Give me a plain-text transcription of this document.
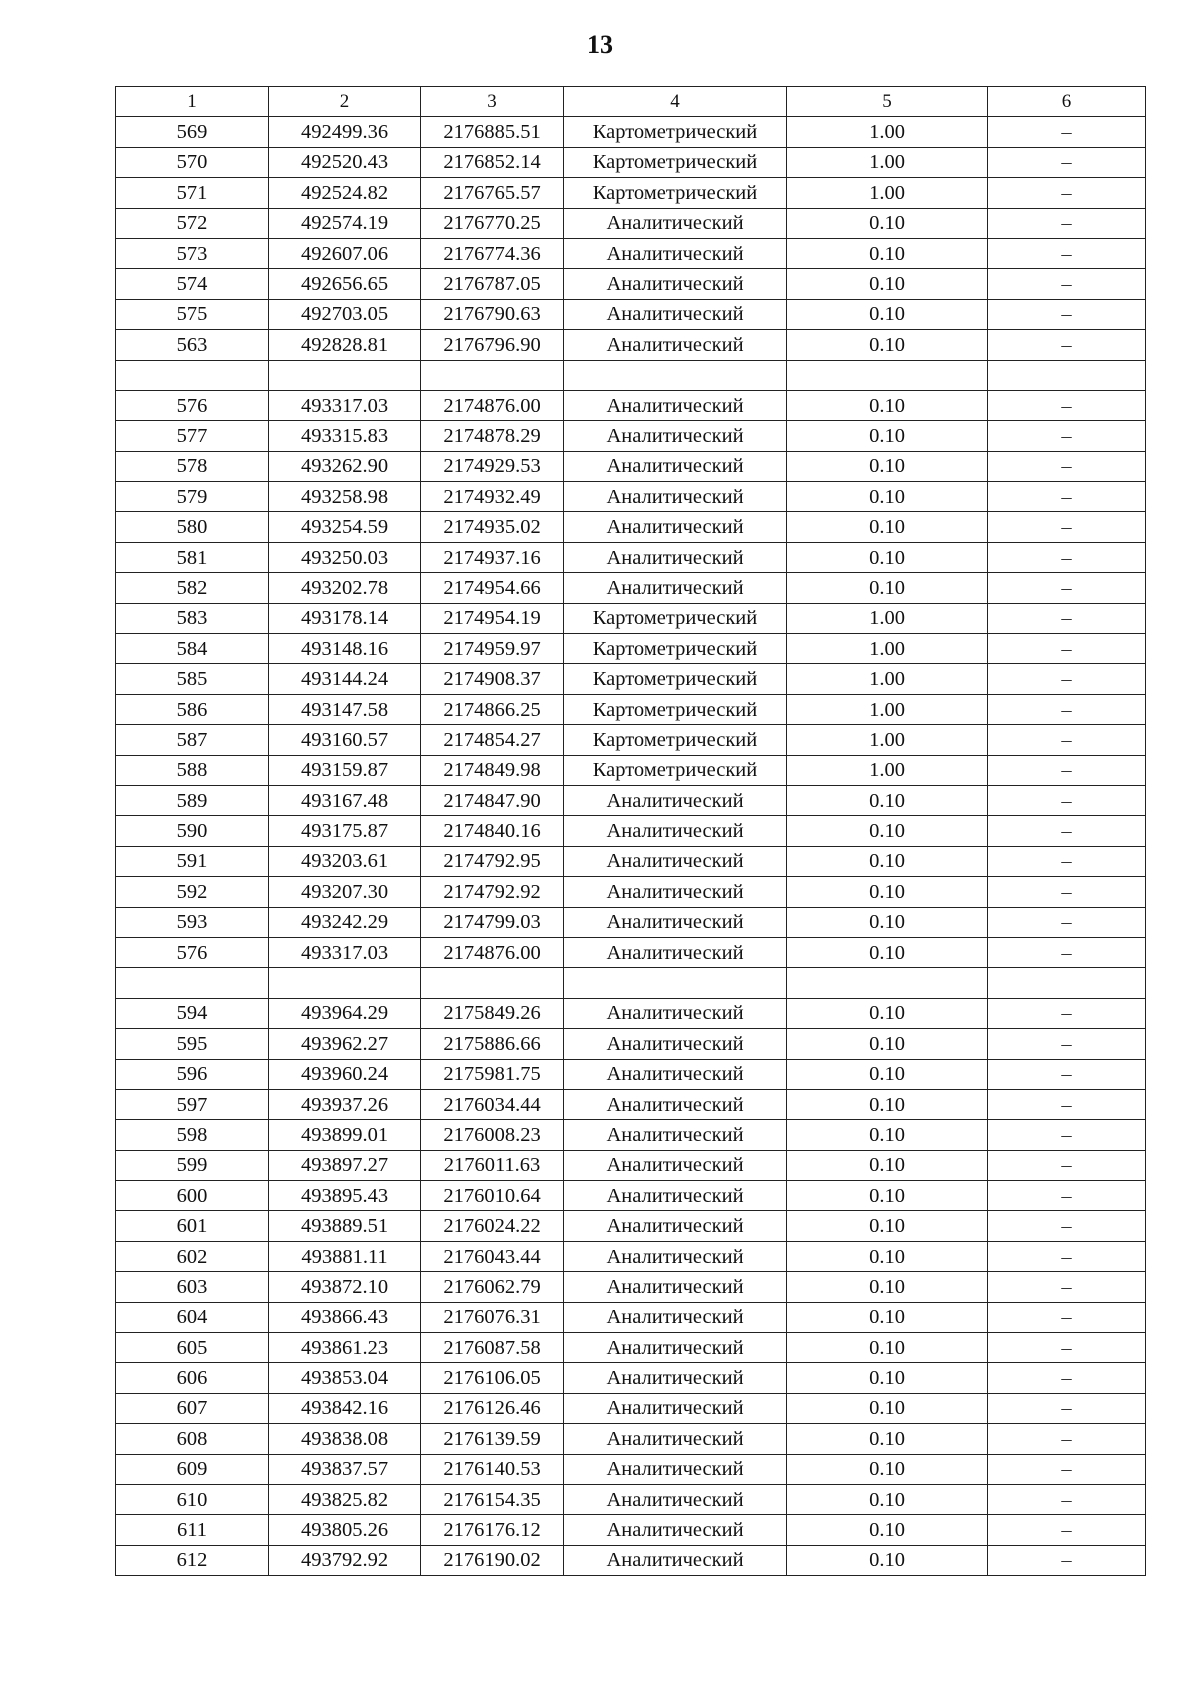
13
1	2	3	4	5	6
569	492499.36	2176885.51	Картометрический	1.00	–
570	492520.43	2176852.14	Картометрический	1.00	–
571	492524.82	2176765.57	Картометрический	1.00	–
572	492574.19	2176770.25	Аналитический	0.10	–
573	492607.06	2176774.36	Аналитический	0.10	–
574	492656.65	2176787.05	Аналитический	0.10	–
575	492703.05	2176790.63	Аналитический	0.10	–
563	492828.81	2176796.90	Аналитический	0.10	–

576	493317.03	2174876.00	Аналитический	0.10	–
577	493315.83	2174878.29	Аналитический	0.10	–
578	493262.90	2174929.53	Аналитический	0.10	–
579	493258.98	2174932.49	Аналитический	0.10	–
580	493254.59	2174935.02	Аналитический	0.10	–
581	493250.03	2174937.16	Аналитический	0.10	–
582	493202.78	2174954.66	Аналитический	0.10	–
583	493178.14	2174954.19	Картометрический	1.00	–
584	493148.16	2174959.97	Картометрический	1.00	–
585	493144.24	2174908.37	Картометрический	1.00	–
586	493147.58	2174866.25	Картометрический	1.00	–
587	493160.57	2174854.27	Картометрический	1.00	–
588	493159.87	2174849.98	Картометрический	1.00	–
589	493167.48	2174847.90	Аналитический	0.10	–
590	493175.87	2174840.16	Аналитический	0.10	–
591	493203.61	2174792.95	Аналитический	0.10	–
592	493207.30	2174792.92	Аналитический	0.10	–
593	493242.29	2174799.03	Аналитический	0.10	–
576	493317.03	2174876.00	Аналитический	0.10	–

594	493964.29	2175849.26	Аналитический	0.10	–
595	493962.27	2175886.66	Аналитический	0.10	–
596	493960.24	2175981.75	Аналитический	0.10	–
597	493937.26	2176034.44	Аналитический	0.10	–
598	493899.01	2176008.23	Аналитический	0.10	–
599	493897.27	2176011.63	Аналитический	0.10	–
600	493895.43	2176010.64	Аналитический	0.10	–
601	493889.51	2176024.22	Аналитический	0.10	–
602	493881.11	2176043.44	Аналитический	0.10	–
603	493872.10	2176062.79	Аналитический	0.10	–
604	493866.43	2176076.31	Аналитический	0.10	–
605	493861.23	2176087.58	Аналитический	0.10	–
606	493853.04	2176106.05	Аналитический	0.10	–
607	493842.16	2176126.46	Аналитический	0.10	–
608	493838.08	2176139.59	Аналитический	0.10	–
609	493837.57	2176140.53	Аналитический	0.10	–
610	493825.82	2176154.35	Аналитический	0.10	–
611	493805.26	2176176.12	Аналитический	0.10	–
612	493792.92	2176190.02	Аналитический	0.10	–
